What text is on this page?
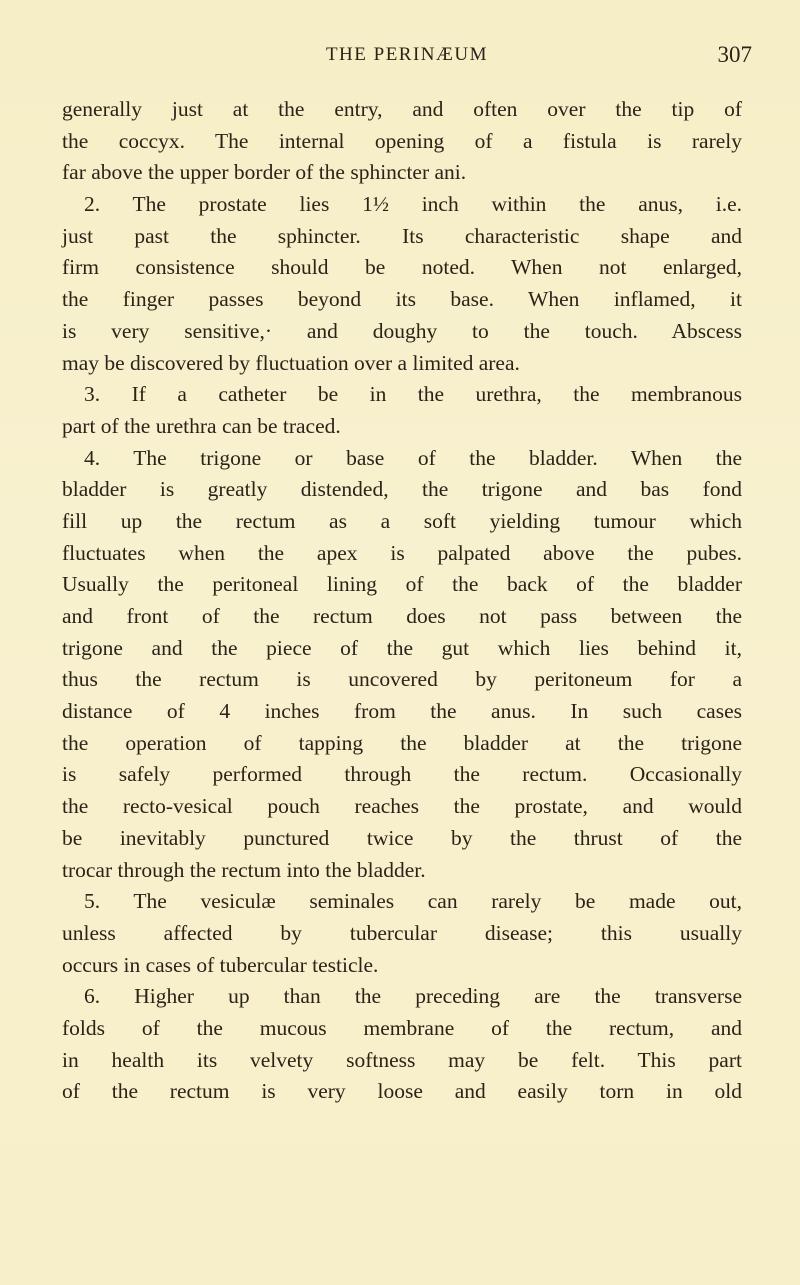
THE PERINÆUM	307
generally just at the entry, and often over the tip of
the coccyx. The internal opening of a fistula is rarely
far above the upper border of the sphincter ani.
2. The prostate lies 1½ inch within the anus, i.e.
just past the sphincter. Its characteristic shape and
firm consistence should be noted. When not enlarged,
the finger passes beyond its base. When inflamed, it
is very sensitive,· and doughy to the touch. Abscess
may be discovered by fluctuation over a limited area.
3. If a catheter be in the urethra, the membranous
part of the urethra can be traced.
4. The trigone or base of the bladder. When the
bladder is greatly distended, the trigone and bas fond
fill up the rectum as a soft yielding tumour which
fluctuates when the apex is palpated above the pubes.
Usually the peritoneal lining of the back of the bladder
and front of the rectum does not pass between the
trigone and the piece of the gut which lies behind it,
thus the rectum is uncovered by peritoneum for a
distance of 4 inches from the anus. In such cases
the operation of tapping the bladder at the trigone
is safely performed through the rectum. Occasionally
the recto-vesical pouch reaches the prostate, and would
be inevitably punctured twice by the thrust of the
trocar through the rectum into the bladder.
5. The vesiculæ seminales can rarely be made out,
unless affected by tubercular disease; this usually
occurs in cases of tubercular testicle.
6. Higher up than the preceding are the transverse
folds of the mucous membrane of the rectum, and
in health its velvety softness may be felt. This part
of the rectum is very loose and easily torn in old
